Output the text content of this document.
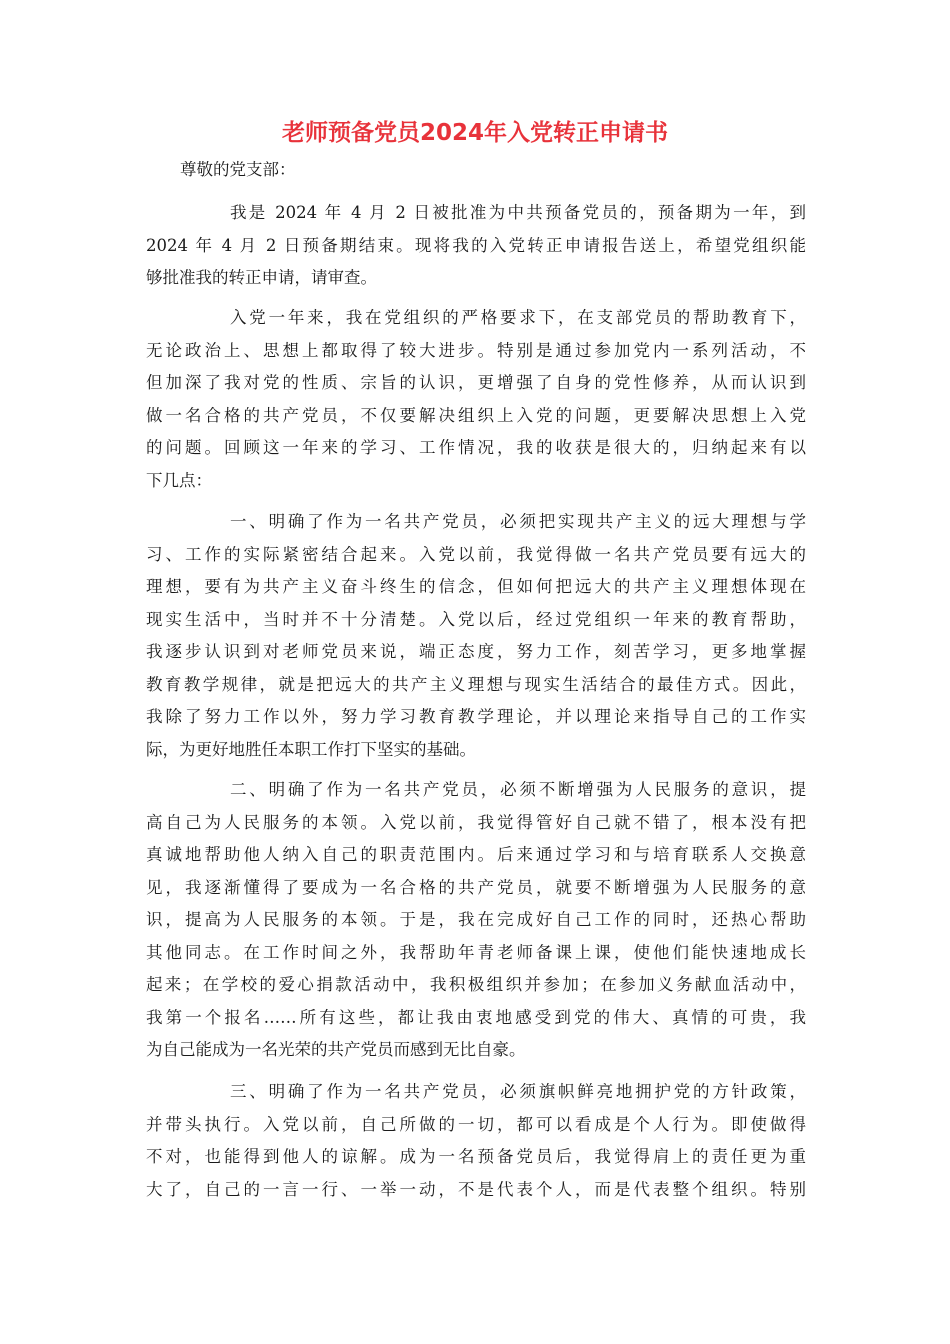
老师预备党员2024年入党转正申请书

尊敬的党支部：

我是 2024 年 4 月 2 日被批准为中共预备党员的，预备期为一年，到
2024 年 4 月 2 日预备期结束。现将我的入党转正申请报告送上，希望党组织能
够批准我的转正申请，请审查。

入党一年来，我在党组织的严格要求下，在支部党员的帮助教育下，
无论政治上、思想上都取得了较大进步。特别是通过参加党内一系列活动，不
但加深了我对党的性质、宗旨的认识，更增强了自身的党性修养，从而认识到
做一名合格的共产党员，不仅要解决组织上入党的问题，更要解决思想上入党
的问题。回顾这一年来的学习、工作情况，我的收获是很大的，归纳起来有以
下几点：

一、明确了作为一名共产党员，必须把实现共产主义的远大理想与学
习、工作的实际紧密结合起来。入党以前，我觉得做一名共产党员要有远大的
理想，要有为共产主义奋斗终生的信念，但如何把远大的共产主义理想体现在
现实生活中，当时并不十分清楚。入党以后，经过党组织一年来的教育帮助，
我逐步认识到对老师党员来说，端正态度，努力工作，刻苦学习，更多地掌握
教育教学规律，就是把远大的共产主义理想与现实生活结合的最佳方式。因此，
我除了努力工作以外，努力学习教育教学理论，并以理论来指导自己的工作实
际，为更好地胜任本职工作打下坚实的基础。

二、明确了作为一名共产党员，必须不断增强为人民服务的意识，提
高自己为人民服务的本领。入党以前，我觉得管好自己就不错了，根本没有把
真诚地帮助他人纳入自己的职责范围内。后来通过学习和与培育联系人交换意
见，我逐渐懂得了要成为一名合格的共产党员，就要不断增强为人民服务的意
识，提高为人民服务的本领。于是，我在完成好自己工作的同时，还热心帮助
其他同志。在工作时间之外，我帮助年青老师备课上课，使他们能快速地成长
起来；在学校的爱心捐款活动中，我积极组织并参加；在参加义务献血活动中，
我第一个报名……所有这些，都让我由衷地感受到党的伟大、真情的可贵，我
为自己能成为一名光荣的共产党员而感到无比自豪。

三、明确了作为一名共产党员，必须旗帜鲜亮地拥护党的方针政策，
并带头执行。入党以前，自己所做的一切，都可以看成是个人行为。即使做得
不对，也能得到他人的谅解。成为一名预备党员后，我觉得肩上的责任更为重
大了，自己的一言一行、一举一动，不是代表个人，而是代表整个组织。特别
